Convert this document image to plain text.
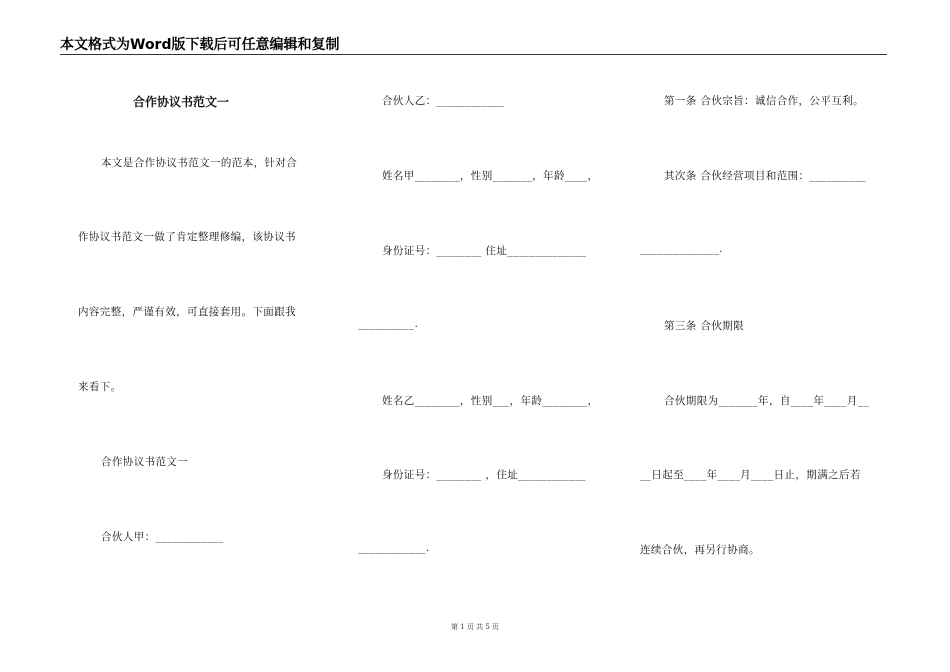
本文格式为Word版下载后可任意编辑和复制
合作协议书范文一
本文是合作协议书范文一的范本，针对合
作协议书范文一做了肯定整理修编，该协议书
内容完整，严谨有效，可直接套用。下面跟我
来看下。
合作协议书范文一
合伙人甲：____________
合伙人乙：____________
姓名甲________，性别_______，年龄____，
身份证号：________ 住址______________
__________.
姓名乙________，性别___，年龄________，
身份证号：________ ，住址____________
____________.
第一条 合伙宗旨：诚信合作，公平互利。
其次条 合伙经营项目和范围：__________
______________.
第三条 合伙期限
合伙期限为_______年，自____年____月__
__日起至____年____月____日止，期满之后若
连续合伙，再另行协商。
第 1 页 共 5 页
